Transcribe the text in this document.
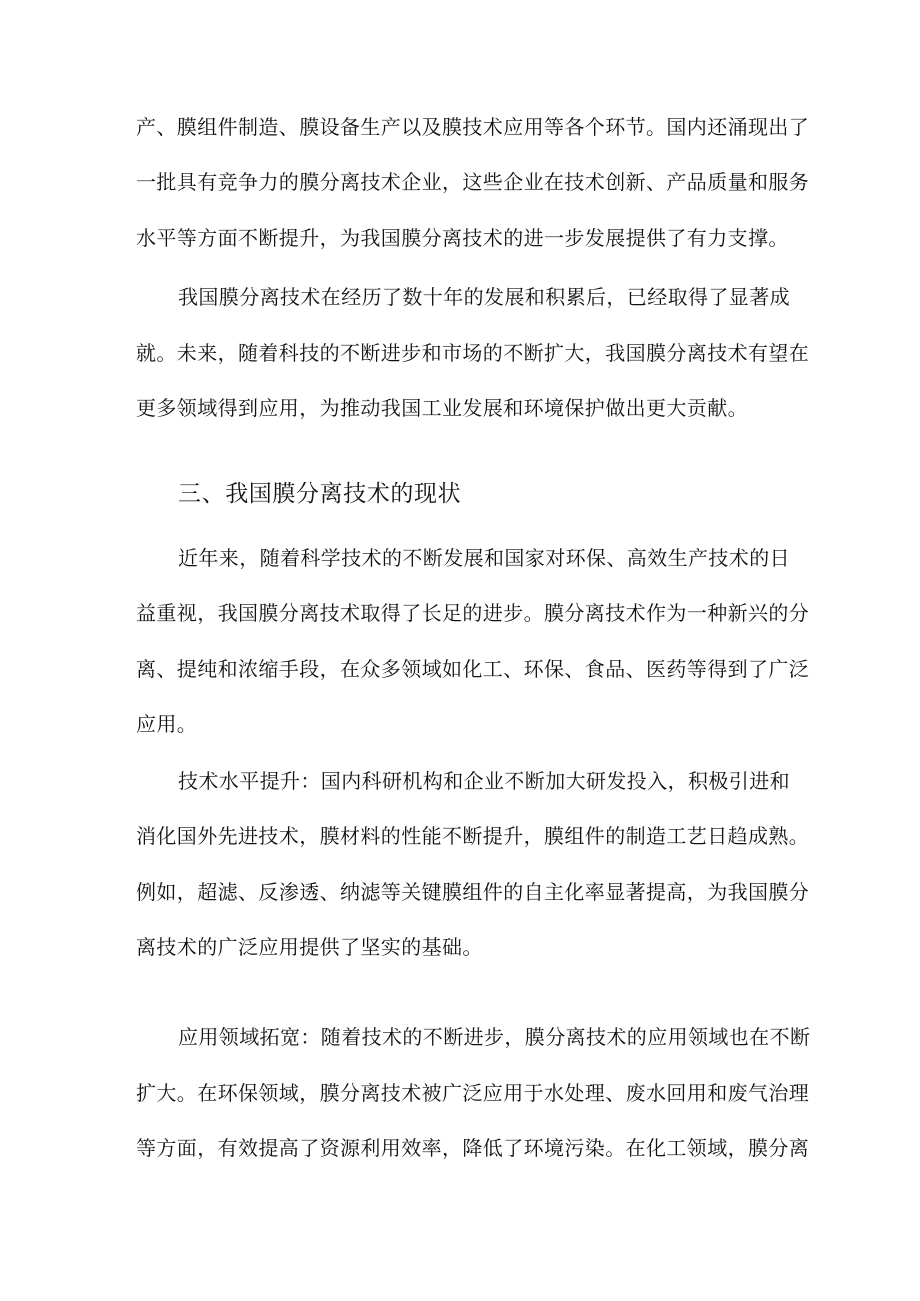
产、膜组件制造、膜设备生产以及膜技术应用等各个环节。国内还涌现出了
一批具有竞争力的膜分离技术企业，这些企业在技术创新、产品质量和服务
水平等方面不断提升，为我国膜分离技术的进一步发展提供了有力支撑。
我国膜分离技术在经历了数十年的发展和积累后，已经取得了显著成
就。未来，随着科技的不断进步和市场的不断扩大，我国膜分离技术有望在
更多领域得到应用，为推动我国工业发展和环境保护做出更大贡献。
三、我国膜分离技术的现状
近年来，随着科学技术的不断发展和国家对环保、高效生产技术的日
益重视，我国膜分离技术取得了长足的进步。膜分离技术作为一种新兴的分
离、提纯和浓缩手段，在众多领域如化工、环保、食品、医药等得到了广泛
应用。
技术水平提升：国内科研机构和企业不断加大研发投入，积极引进和
消化国外先进技术，膜材料的性能不断提升，膜组件的制造工艺日趋成熟。
例如，超滤、反渗透、纳滤等关键膜组件的自主化率显著提高，为我国膜分
离技术的广泛应用提供了坚实的基础。
应用领域拓宽：随着技术的不断进步，膜分离技术的应用领域也在不断
扩大。在环保领域，膜分离技术被广泛应用于水处理、废水回用和废气治理
等方面，有效提高了资源利用效率，降低了环境污染。在化工领域，膜分离
